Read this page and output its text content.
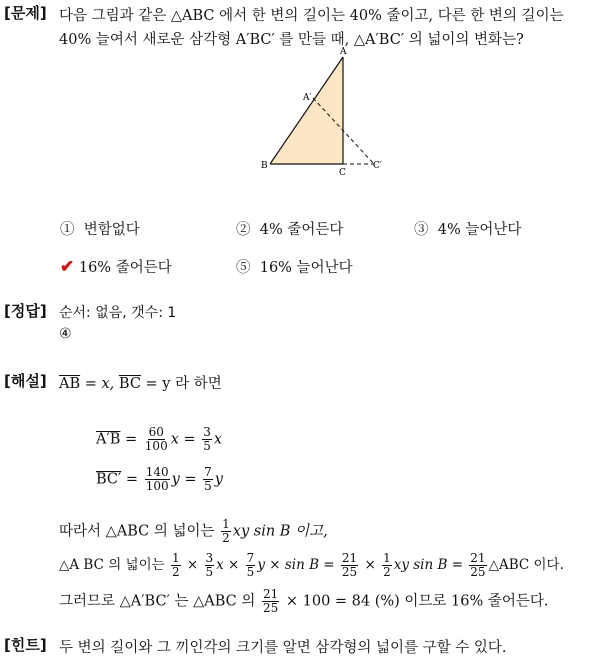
[문제] 다음 그림과 같은 △ABC 에서 한 변의 길이는 40% 줄이고, 다른 한 변의 길이는
40% 늘여서 새로운 삼각형 A′BC′ 를 만들 때, △A′BC′ 의 넓이의 변화는?
A
A′
B
C
C′
① 변함없다	② 4% 줄어든다	③ 4% 늘어난다
✔ 16% 줄어든다	⑤ 16% 늘어난다
[정답] 순서: 없음, 갯수: 1
④
[해설] $\overline{AB} = x$, $\overline{BC} = y$ 라 하면
$A'B = \frac{60}{100}$ $x = \frac{3}{5}$ x
$BC' = \frac{140}{100}$ $y = \frac{7}{5}$ y
따라서 △ABC 의 넓이는 $\frac{1}{2}$ xy sin B 이고,
△A BC 의 넓이는 $\frac{1}{2} \times \frac{3}{5}$ $x \times \frac{7}{5}$ $y \times \sin B = \frac{21}{25} \times \frac{1}{2}$ xy $\sin B = \frac{21}{25}$ △ABC 이다.
그러므로 △A′BC′ 는 △ABC 의 $\frac{21}{25} \times 100 = 84$ (%) 이므로 16% 줄어든다.
[힌트] 두 변의 길이와 그 끼인각의 크기를 알면 삼각형의 넓이를 구할 수 있다.
